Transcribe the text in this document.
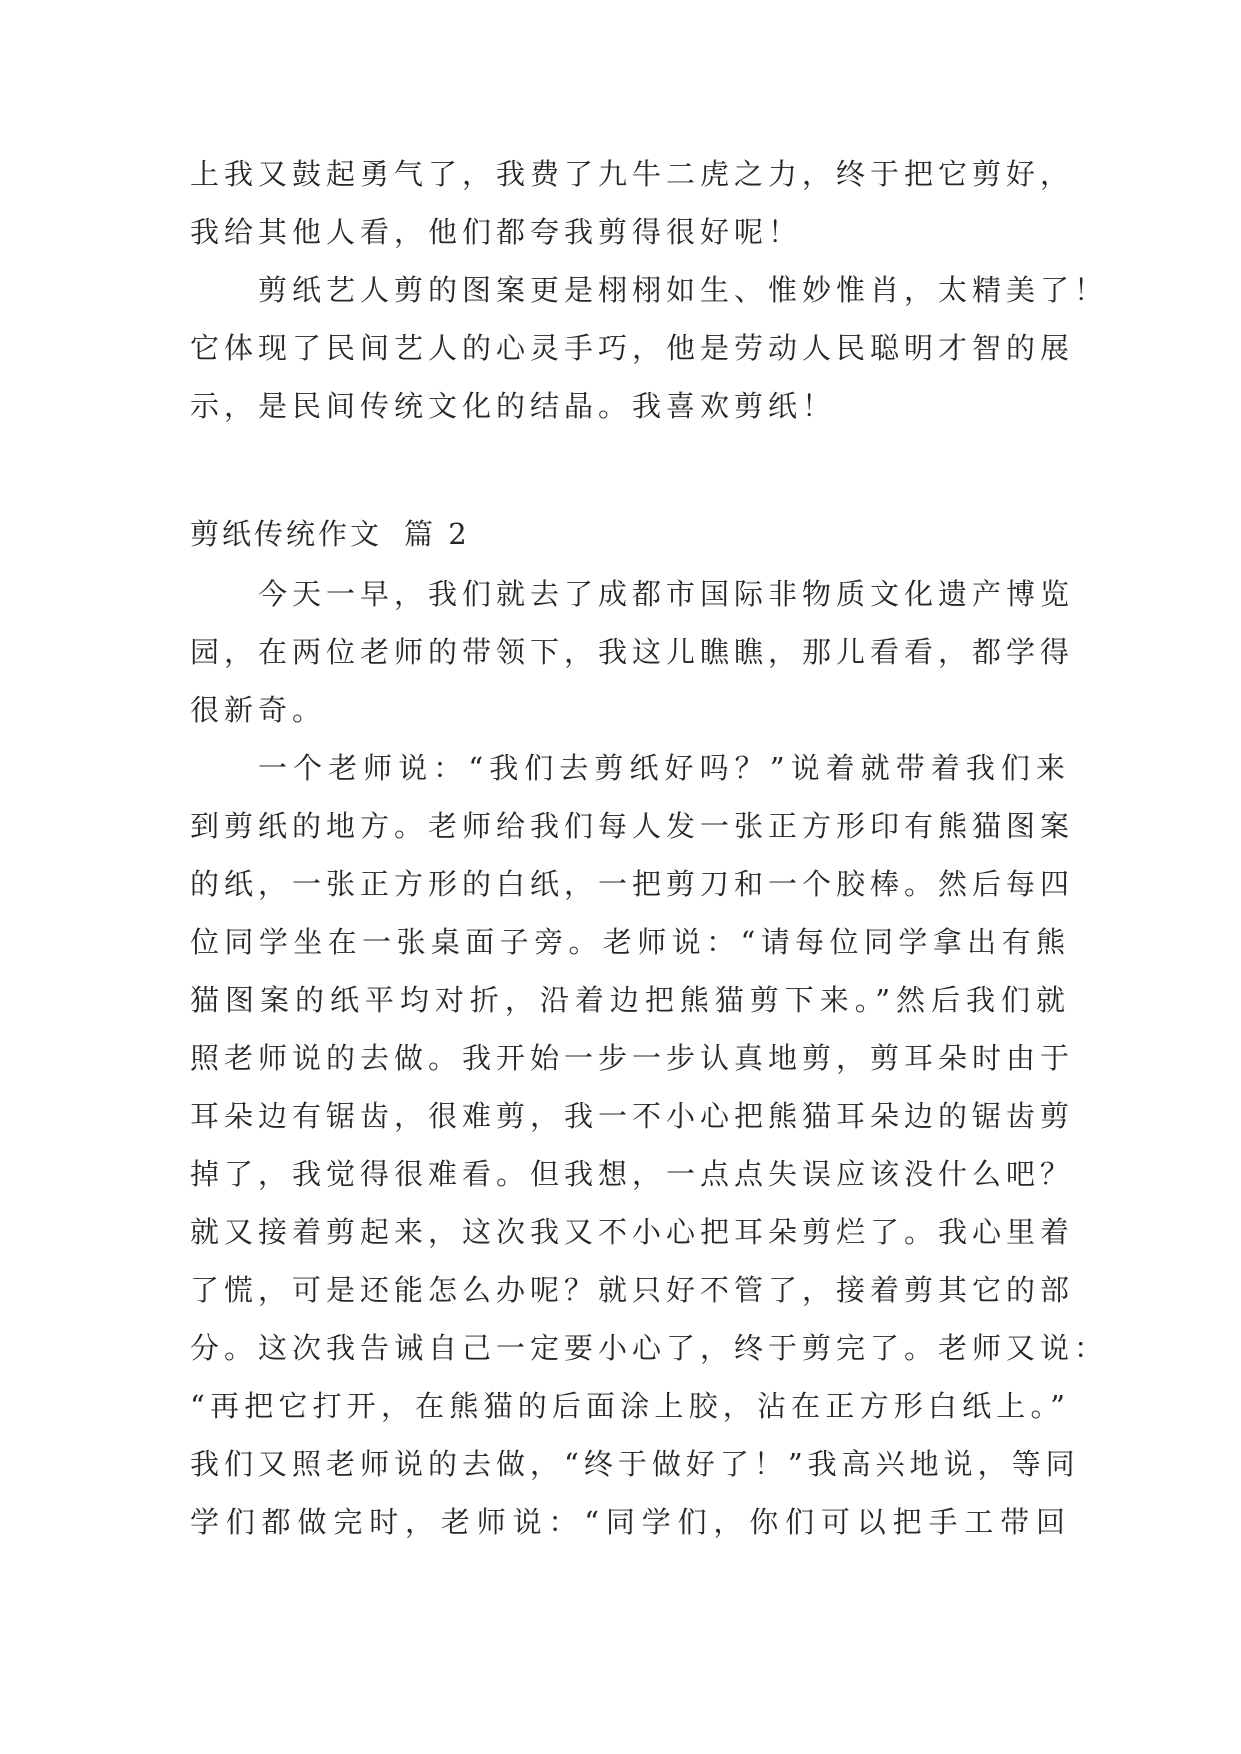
上我又鼓起勇气了，我费了九牛二虎之力，终于把它剪好，
我给其他人看，他们都夸我剪得很好呢！
剪纸艺人剪的图案更是栩栩如生、惟妙惟肖，太精美了！
它体现了民间艺人的心灵手巧，他是劳动人民聪明才智的展
示，是民间传统文化的结晶。我喜欢剪纸！
剪纸传统作文 篇 2
今天一早，我们就去了成都市国际非物质文化遗产博览
园，在两位老师的带领下，我这儿瞧瞧，那儿看看，都学得
很新奇。
一个老师说：“我们去剪纸好吗？”说着就带着我们来
到剪纸的地方。老师给我们每人发一张正方形印有熊猫图案
的纸，一张正方形的白纸，一把剪刀和一个胶棒。然后每四
位同学坐在一张桌面子旁。老师说：“请每位同学拿出有熊
猫图案的纸平均对折，沿着边把熊猫剪下来。”然后我们就
照老师说的去做。我开始一步一步认真地剪，剪耳朵时由于
耳朵边有锯齿，很难剪，我一不小心把熊猫耳朵边的锯齿剪
掉了，我觉得很难看。但我想，一点点失误应该没什么吧？
就又接着剪起来，这次我又不小心把耳朵剪烂了。我心里着
了慌，可是还能怎么办呢？就只好不管了，接着剪其它的部
分。这次我告诫自己一定要小心了，终于剪完了。老师又说：
“再把它打开，在熊猫的后面涂上胶，沾在正方形白纸上。”
我们又照老师说的去做，“终于做好了！”我高兴地说，等同
学们都做完时，老师说：“同学们，你们可以把手工带回
